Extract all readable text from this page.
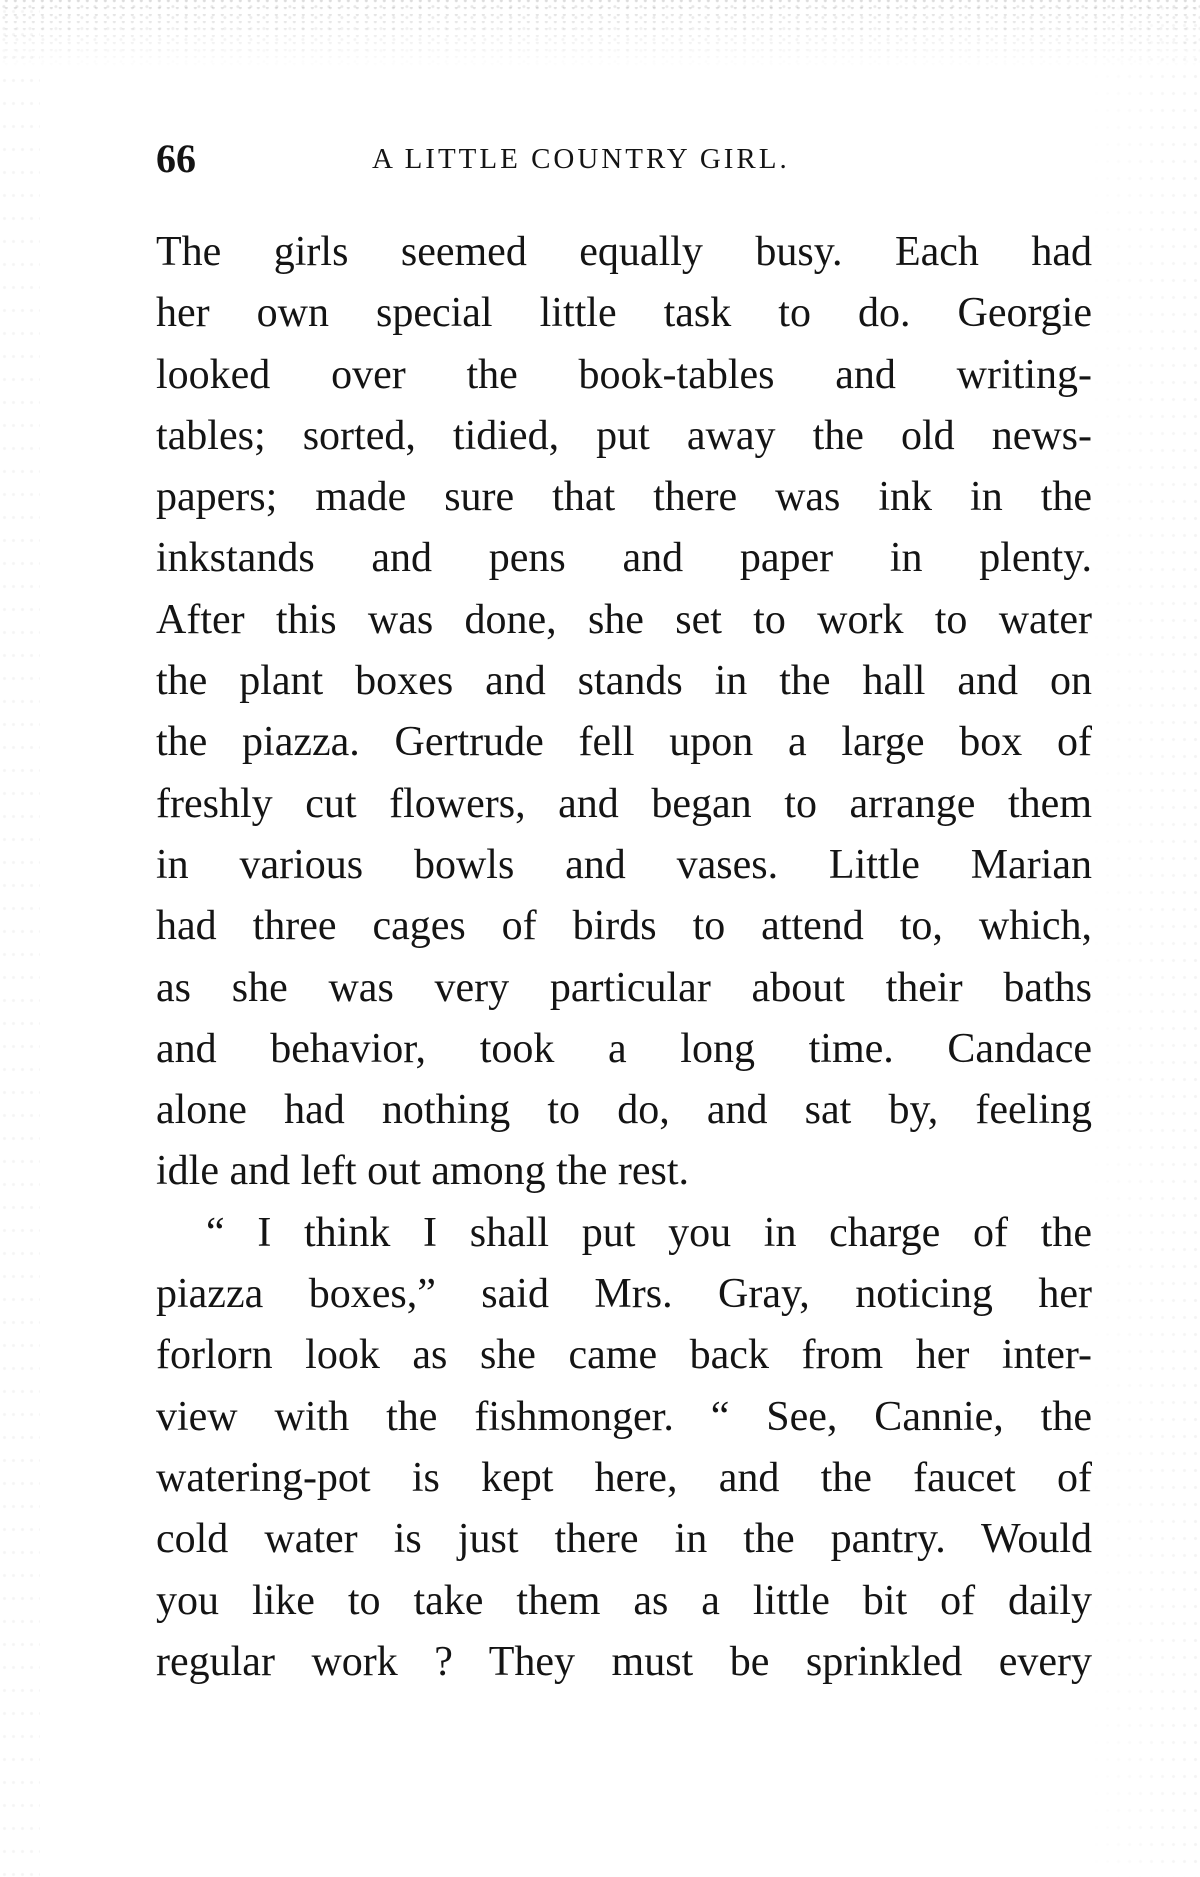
66	A LITTLE COUNTRY GIRL.
The girls seemed equally busy. Each had
her own special little task to do. Georgie
looked over the book-tables and writing-
tables; sorted, tidied, put away the old news-
papers; made sure that there was ink in the
inkstands and pens and paper in plenty.
After this was done, she set to work to water
the plant boxes and stands in the hall and on
the piazza. Gertrude fell upon a large box of
freshly cut flowers, and began to arrange them
in various bowls and vases. Little Marian
had three cages of birds to attend to, which,
as she was very particular about their baths
and behavior, took a long time. Candace
alone had nothing to do, and sat by, feeling
idle and left out among the rest.
“ I think I shall put you in charge of the
piazza boxes,” said Mrs. Gray, noticing her
forlorn look as she came back from her inter-
view with the fishmonger. “ See, Cannie, the
watering-pot is kept here, and the faucet of
cold water is just there in the pantry. Would
you like to take them as a little bit of daily
regular work ? They must be sprinkled every
